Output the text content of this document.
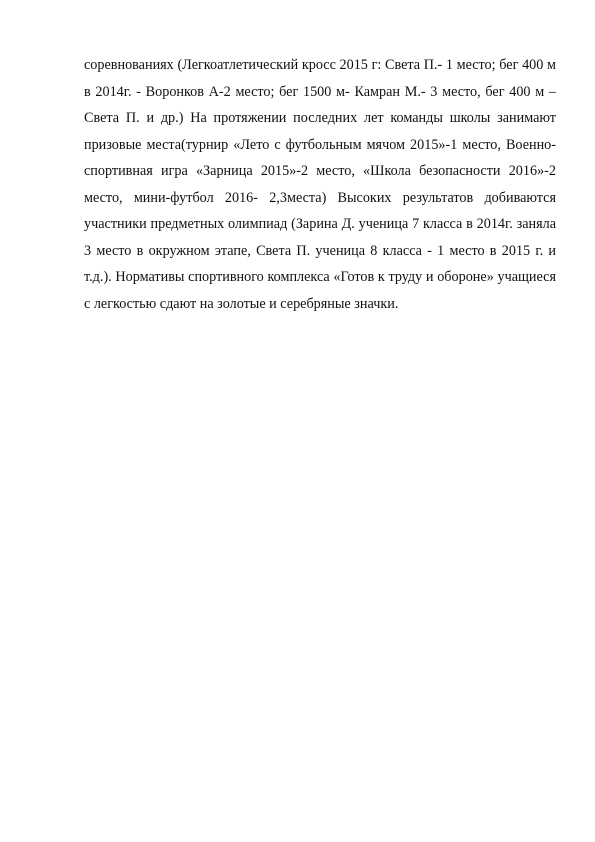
соревнованиях (Легкоатлетический кросс 2015 г: Света П.- 1 место; бег 400 м
в 2014г. - Воронков А-2 место; бег 1500 м- Камран М.- 3 место, бег 400 м –
Света П. и др.) На протяжении последних лет команды школы занимают
призовые места(турнир «Лето с футбольным мячом 2015»-1 место, Военно-
спортивная игра «Зарница 2015»-2 место, «Школа безопасности 2016»-2
место, мини-футбол 2016- 2,3места) Высоких результатов добиваются
участники предметных олимпиад (Зарина Д. ученица 7 класса в 2014г. заняла
3 место в окружном этапе, Света П. ученица 8 класса - 1 место в 2015 г. и
т.д.). Нормативы спортивного комплекса «Готов к труду и обороне» учащиеся
с легкостью сдают на золотые и серебряные значки.
